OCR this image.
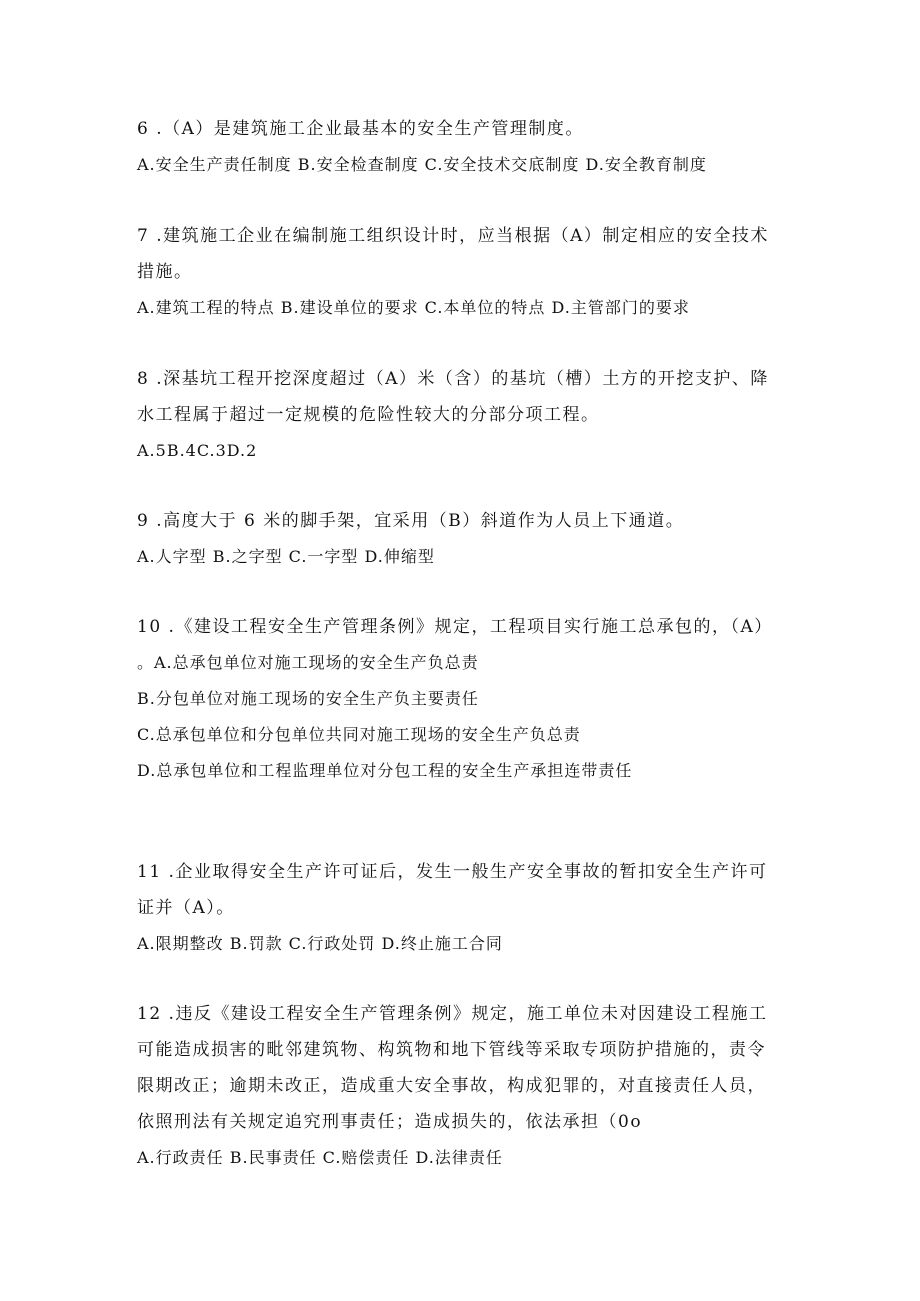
6 .（A）是建筑施工企业最基本的安全生产管理制度。

A.安全生产责任制度 B.安全检查制度 C.安全技术交底制度 D.安全教育制度

7 .建筑施工企业在编制施工组织设计时，应当根据（A）制定相应的安全技术

措施。

A.建筑工程的特点 B.建设单位的要求 C.本单位的特点 D.主管部门的要求

8 .深基坑工程开挖深度超过（A）米（含）的基坑（槽）土方的开挖支护、降

水工程属于超过一定规模的危险性较大的分部分项工程。

A.5B.4C.3D.2

9 .高度大于 6 米的脚手架，宜采用（B）斜道作为人员上下通道。

A.人字型 B.之字型 C.一字型 D.伸缩型

10 .《建设工程安全生产管理条例》规定，工程项目实行施工总承包的，（A）

。A.总承包单位对施工现场的安全生产负总责

B.分包单位对施工现场的安全生产负主要责任

C.总承包单位和分包单位共同对施工现场的安全生产负总责

D.总承包单位和工程监理单位对分包工程的安全生产承担连带责任

11 .企业取得安全生产许可证后，发生一般生产安全事故的暂扣安全生产许可

证并（A）。

A.限期整改 B.罚款 C.行政处罚 D.终止施工合同

12 .违反《建设工程安全生产管理条例》规定，施工单位未对因建设工程施工

可能造成损害的毗邻建筑物、构筑物和地下管线等采取专项防护措施的，责令

限期改正；逾期未改正，造成重大安全事故，构成犯罪的，对直接责任人员，

依照刑法有关规定追究刑事责任；造成损失的，依法承担（0o

A.行政责任 B.民事责任 C.赔偿责任 D.法律责任
